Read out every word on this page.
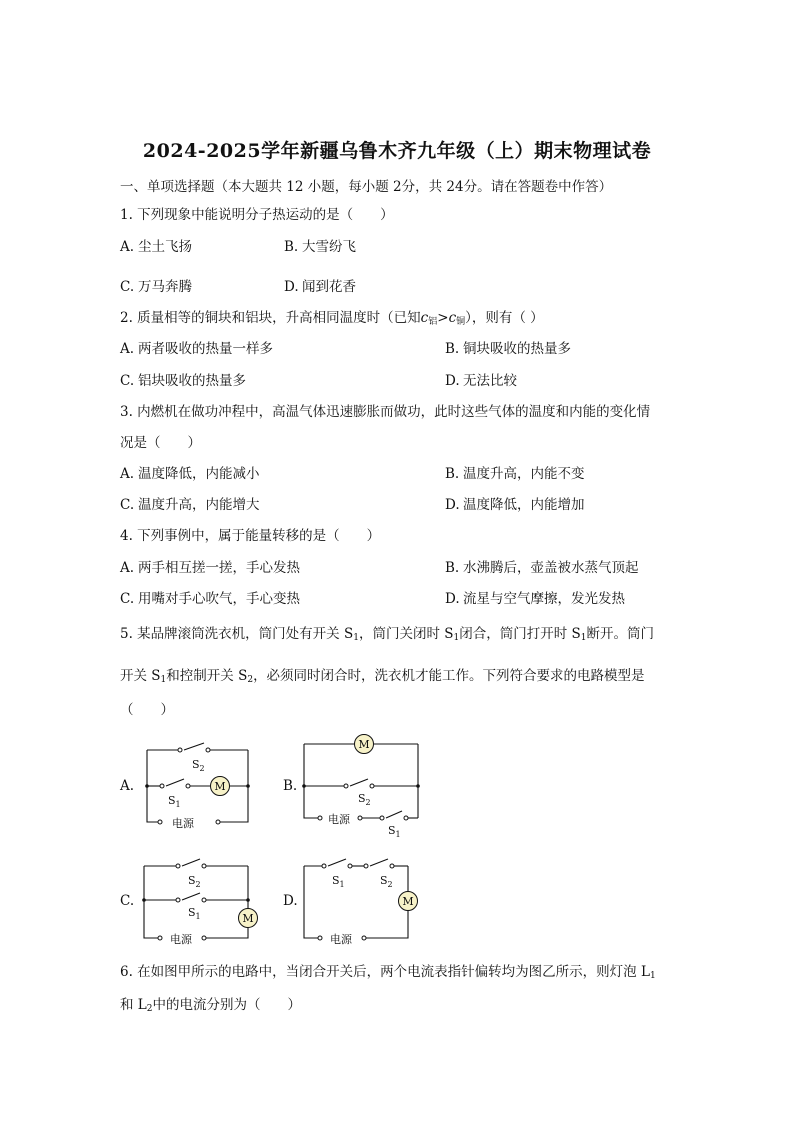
2024-2025学年新疆乌鲁木齐九年级（上）期末物理试卷
一、单项选择题（本大题共 12 小题，每小题 2分，共 24分。请在答题卷中作答）
1. 下列现象中能说明分子热运动的是（　　）
A. 尘土飞扬	B. 大雪纷飞
C. 万马奔腾	D. 闻到花香
2. 质量相等的铜块和铝块，升高相同温度时（已知$c_铝>c_铜$），则有（ ）
A. 两者吸收的热量一样多	B. 铜块吸收的热量多
C. 铝块吸收的热量多	D. 无法比较
3. 内燃机在做功冲程中，高温气体迅速膨胀而做功，此时这些气体的温度和内能的变化情
况是（　　）
A. 温度降低，内能减小	B. 温度升高，内能不变
C. 温度升高，内能增大	D. 温度降低，内能增加
4. 下列事例中，属于能量转移的是（　　）
A. 两手相互搓一搓，手心发热	B. 水沸腾后，壶盖被水蒸气顶起
C. 用嘴对手心吹气，手心变热	D. 流星与空气摩擦，发光发热
5. 某品牌滚筒洗衣机，筒门处有开关 $S_1$，筒门关闭时 $S_1$闭合，筒门打开时 $S_1$断开。筒门
开关 $S_1$和控制开关 $S_2$，必须同时闭合时，洗衣机才能工作。下列符合要求的电路模型是
（　　）
A.	M
$S_2$
$S_1$
电源
B.
M
$S_2$
电源
$S_1$
C.
M
$S_2$
$S_1$
电源
D.	M
$S_1$	$S_2$
电源
6. 在如图甲所示的电路中，当闭合开关后，两个电流表指针偏转均为图乙所示，则灯泡 $L_1$
和 $L_2$中的电流分别为（　　）
